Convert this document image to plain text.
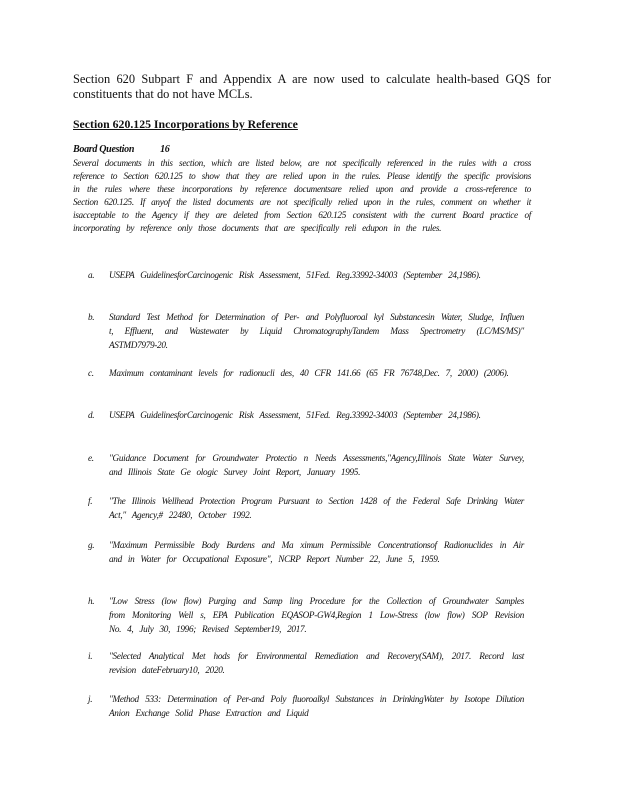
Section 620 Subpart F and Appendix A are now used to calculate health-based GQS for constituents that do not have MCLs.
Section 620.125 Incorporations by Reference
Board Question	16
Several documents in this section, which are listed below, are not specifically referenced in the rules with a cross reference to Section 620.125 to show that they are relied upon in the rules. Please identify the specific provisions in the rules where these incorporations by reference documentsare relied upon and provide a cross-reference to Section 620.125. If anyof the listed documents are not specifically relied upon in the rules, comment on whether it isacceptable to the Agency if they are deleted from Section 620.125 consistent with the current Board practice of incorporating by reference only those documents that are specifically reli edupon in the rules.
a.	USEPA GuidelinesforCarcinogenic Risk Assessment, 51Fed. Reg.33992-34003 (September 24,1986).
b.	Standard Test Method for Determination of Per- and Polyfluoroal kyl Substancesin Water, Sludge, Influen t, Effluent, and Wastewater by Liquid ChromatographyTandem Mass Spectrometry (LC/MS/MS)" ASTMD7979-20.
c.	Maximum contaminant levels for radionucli des, 40 CFR 141.66 (65 FR 76748,Dec. 7, 2000) (2006).
d.	USEPA GuidelinesforCarcinogenic Risk Assessment, 51Fed. Reg.33992-34003 (September 24,1986).
e.	"Guidance Document for Groundwater Protectio n Needs Assessments,"Agency,Illinois State Water Survey, and Illinois State Ge ologic Survey Joint Report, January 1995.
f.	"The Illinois Wellhead Protection Program Pursuant to Section 1428 of the Federal Safe Drinking Water Act," Agency,# 22480, October 1992.
g.	"Maximum Permissible Body Burdens and Ma ximum Permissible Concentrationsof Radionuclides in Air and in Water for Occupational Exposure", NCRP Report Number 22, June 5, 1959.
h.	"Low Stress (low flow) Purging and Samp ling Procedure for the Collection of Groundwater Samples from Monitoring Well s, EPA Publication EQASOP-GW4,Region 1 Low-Stress (low flow) SOP Revision No. 4, July 30, 1996; Revised September19, 2017.
i.	"Selected Analytical Met hods for Environmental Remediation and Recovery(SAM), 2017. Record last revision dateFebruary10, 2020.
j.	"Method 533: Determination of Per-and Poly fluoroalkyl Substances in DrinkingWater by Isotope Dilution Anion Exchange Solid Phase Extraction and Liquid
